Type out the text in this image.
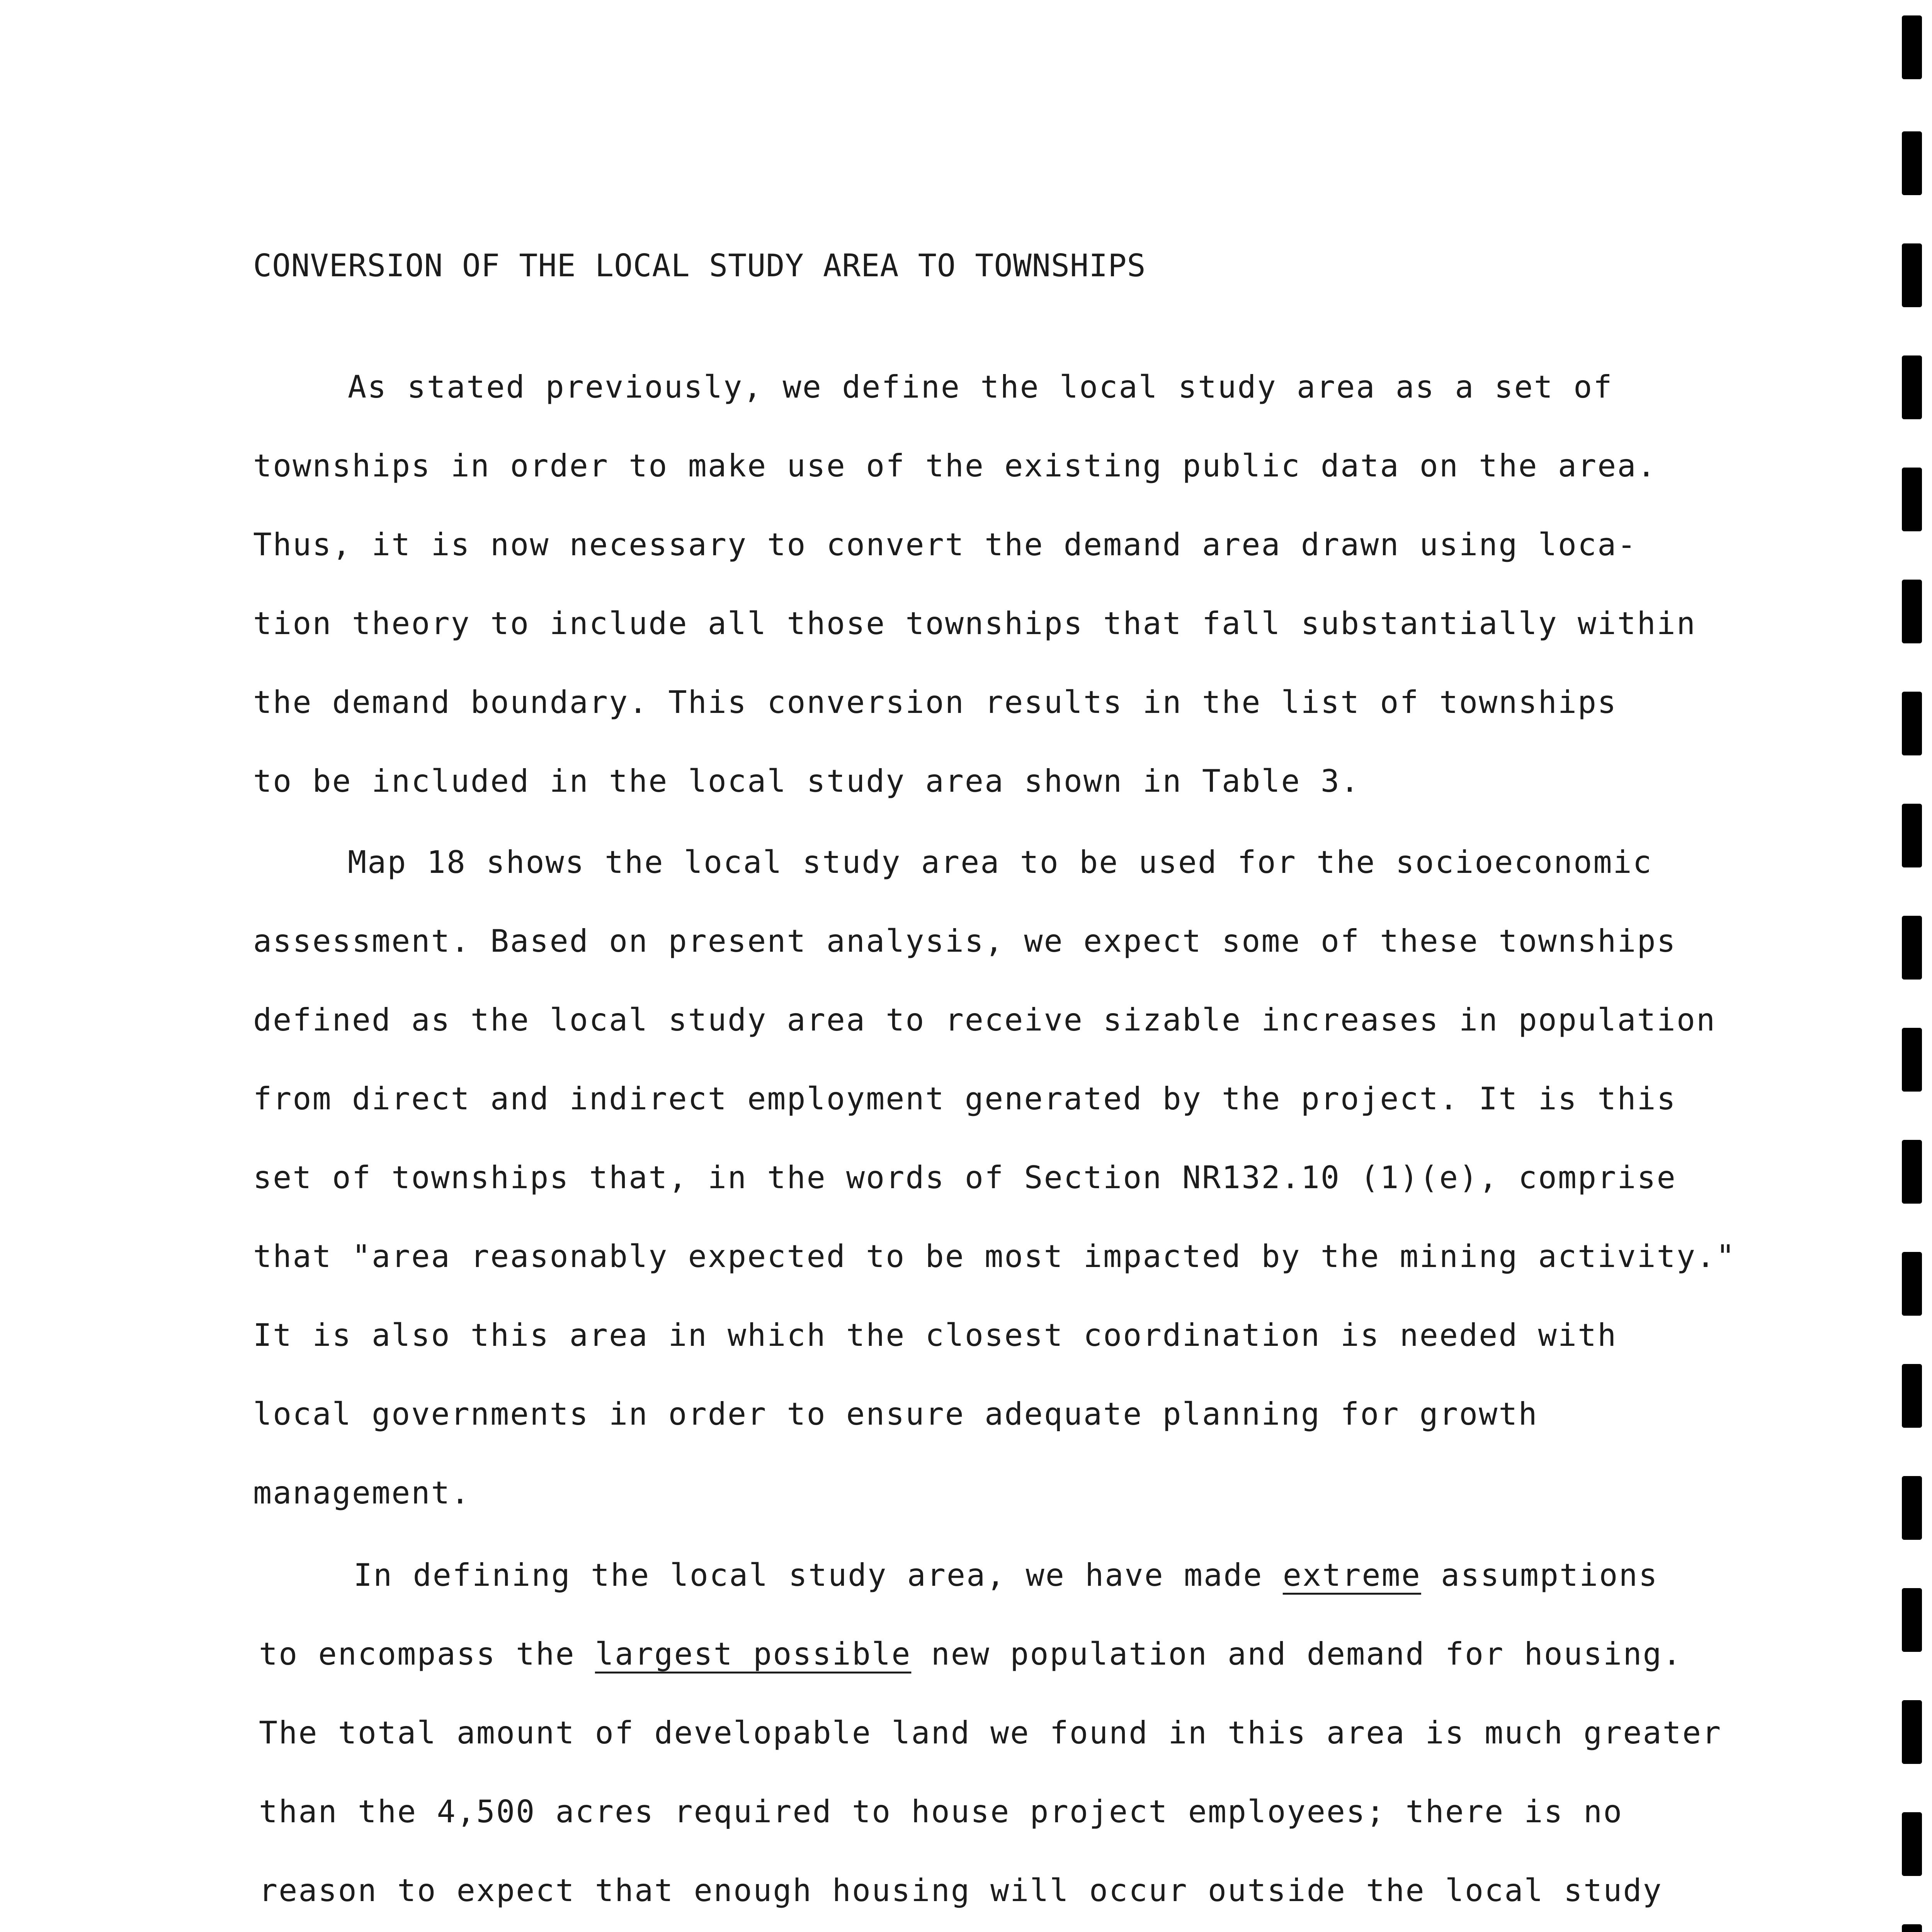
CONVERSION OF THE LOCAL STUDY AREA TO TOWNSHIPS
As stated previously, we define the local study area as a set of
townships in order to make use of the existing public data on the area.
Thus, it is now necessary to convert the demand area drawn using loca-
tion theory to include all those townships that fall substantially within
the demand boundary. This conversion results in the list of townships
to be included in the local study area shown in Table 3.
Map 18 shows the local study area to be used for the socioeconomic
assessment. Based on present analysis, we expect some of these townships
defined as the local study area to receive sizable increases in population
from direct and indirect employment generated by the project. It is this
set of townships that, in the words of Section NR132.10 (1)(e), comprise
that "area reasonably expected to be most impacted by the mining activity."
It is also this area in which the closest coordination is needed with
local governments in order to ensure adequate planning for growth
management.
In defining the local study area, we have made extreme assumptions
to encompass the largest possible new population and demand for housing.
The total amount of developable land we found in this area is much greater
than the 4,500 acres required to house project employees; there is no
reason to expect that enough housing will occur outside the local study
